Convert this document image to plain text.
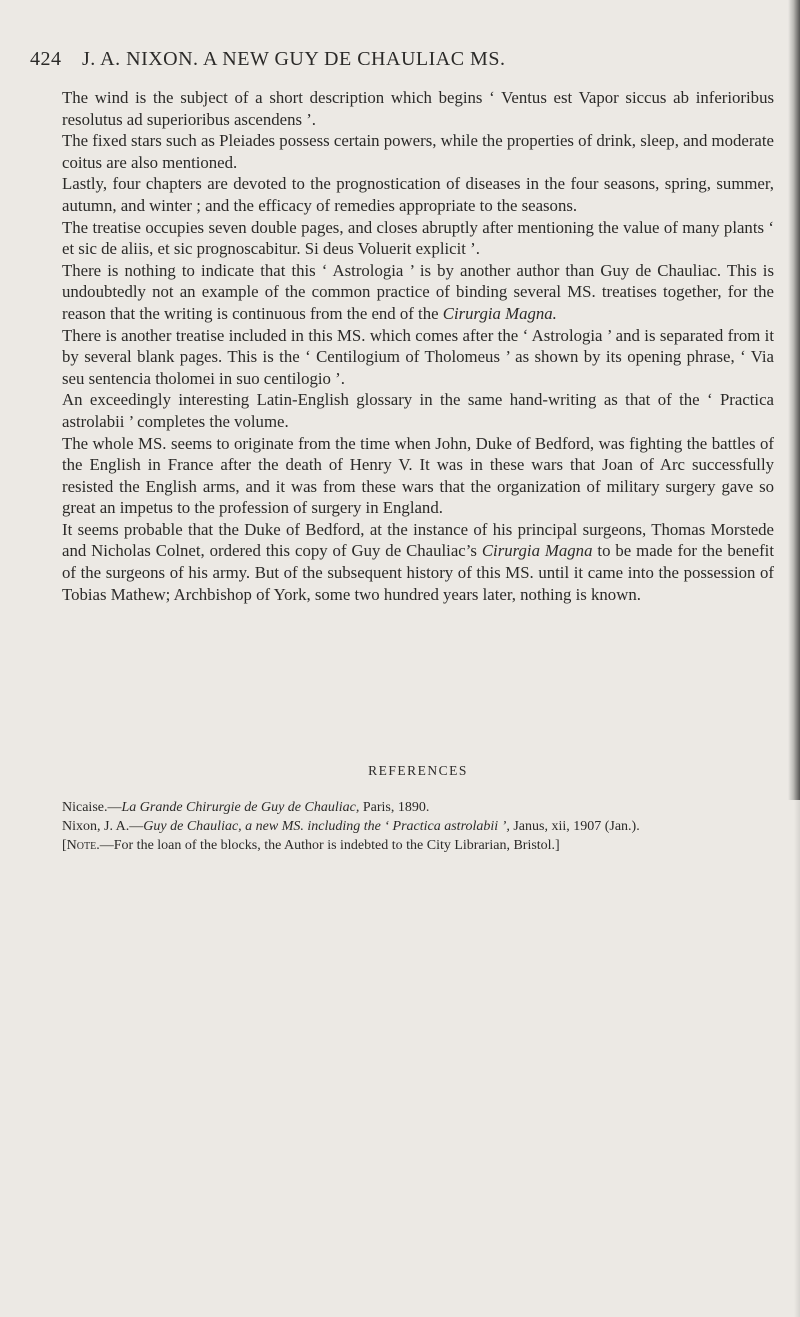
424 J. A. NIXON. A NEW GUY DE CHAULIAC MS.

The wind is the subject of a short description which begins ‘ Ventus est Vapor siccus ab inferioribus resolutus ad superioribus ascendens ’.

The fixed stars such as Pleiades possess certain powers, while the properties of drink, sleep, and moderate coitus are also mentioned.

Lastly, four chapters are devoted to the prognostication of diseases in the four seasons, spring, summer, autumn, and winter ; and the efficacy of remedies appropriate to the seasons.

The treatise occupies seven double pages, and closes abruptly after mentioning the value of many plants ‘ et sic de aliis, et sic prognoscabitur. Si deus Voluerit explicit ’.

There is nothing to indicate that this ‘ Astrologia ’ is by another author than Guy de Chauliac. This is undoubtedly not an example of the common practice of binding several MS. treatises together, for the reason that the writing is continuous from the end of the Cirurgia Magna.

There is another treatise included in this MS. which comes after the ‘ Astrologia ’ and is separated from it by several blank pages. This is the ‘ Centilogium of Tholomeus ’ as shown by its opening phrase, ‘ Via seu sentencia tholomei in suo centilogio ’.

An exceedingly interesting Latin-English glossary in the same hand-writing as that of the ‘ Practica astrolabii ’ completes the volume.

The whole MS. seems to originate from the time when John, Duke of Bedford, was fighting the battles of the English in France after the death of Henry V. It was in these wars that Joan of Arc successfully resisted the English arms, and it was from these wars that the organization of military surgery gave so great an impetus to the profession of surgery in England.

It seems probable that the Duke of Bedford, at the instance of his principal surgeons, Thomas Morstede and Nicholas Colnet, ordered this copy of Guy de Chauliac’s Cirurgia Magna to be made for the benefit of the surgeons of his army. But of the subsequent history of this MS. until it came into the possession of Tobias Mathew; Archbishop of York, some two hundred years later, nothing is known.

REFERENCES

Nicaise.—La Grande Chirurgie de Guy de Chauliac, Paris, 1890.

Nixon, J. A.—Guy de Chauliac, a new MS. including the ‘ Practica astrolabii ’, Janus, xii, 1907 (Jan.).

[Note.—For the loan of the blocks, the Author is indebted to the City Librarian, Bristol.]
